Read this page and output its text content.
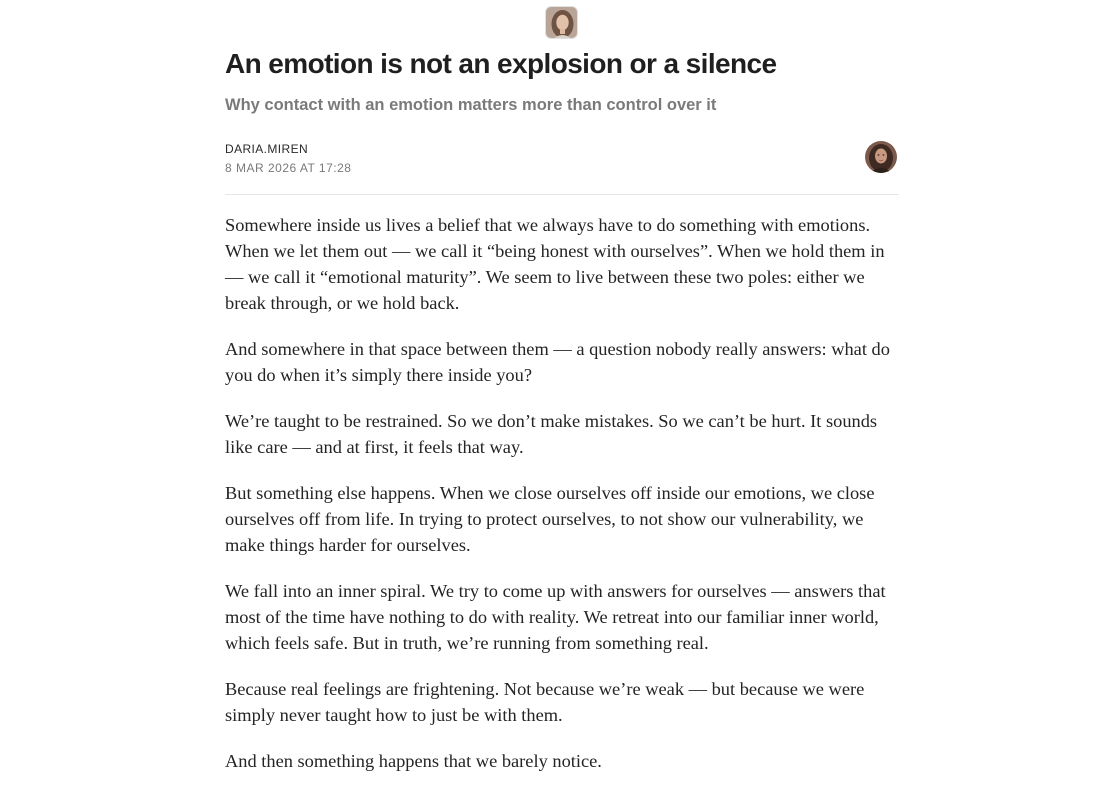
An emotion is not an explosion or a silence
Why contact with an emotion matters more than control over it
DARIA.MIREN
8 MAR 2026 AT 17:28

Somewhere inside us lives a belief that we always have to do something with emotions. When we let them out — we call it “being honest with ourselves”. When we hold them in — we call it “emotional maturity”. We seem to live between these two poles: either we break through, or we hold back.

And somewhere in that space between them — a question nobody really answers: what do you do when it’s simply there inside you?

We’re taught to be restrained. So we don’t make mistakes. So we can’t be hurt. It sounds like care — and at first, it feels that way.

But something else happens. When we close ourselves off inside our emotions, we close ourselves off from life. In trying to protect ourselves, to not show our vulnerability, we make things harder for ourselves.

We fall into an inner spiral. We try to come up with answers for ourselves — answers that most of the time have nothing to do with reality. We retreat into our familiar inner world, which feels safe. But in truth, we’re running from something real.

Because real feelings are frightening. Not because we’re weak — but because we were simply never taught how to just be with them.

And then something happens that we barely notice.
